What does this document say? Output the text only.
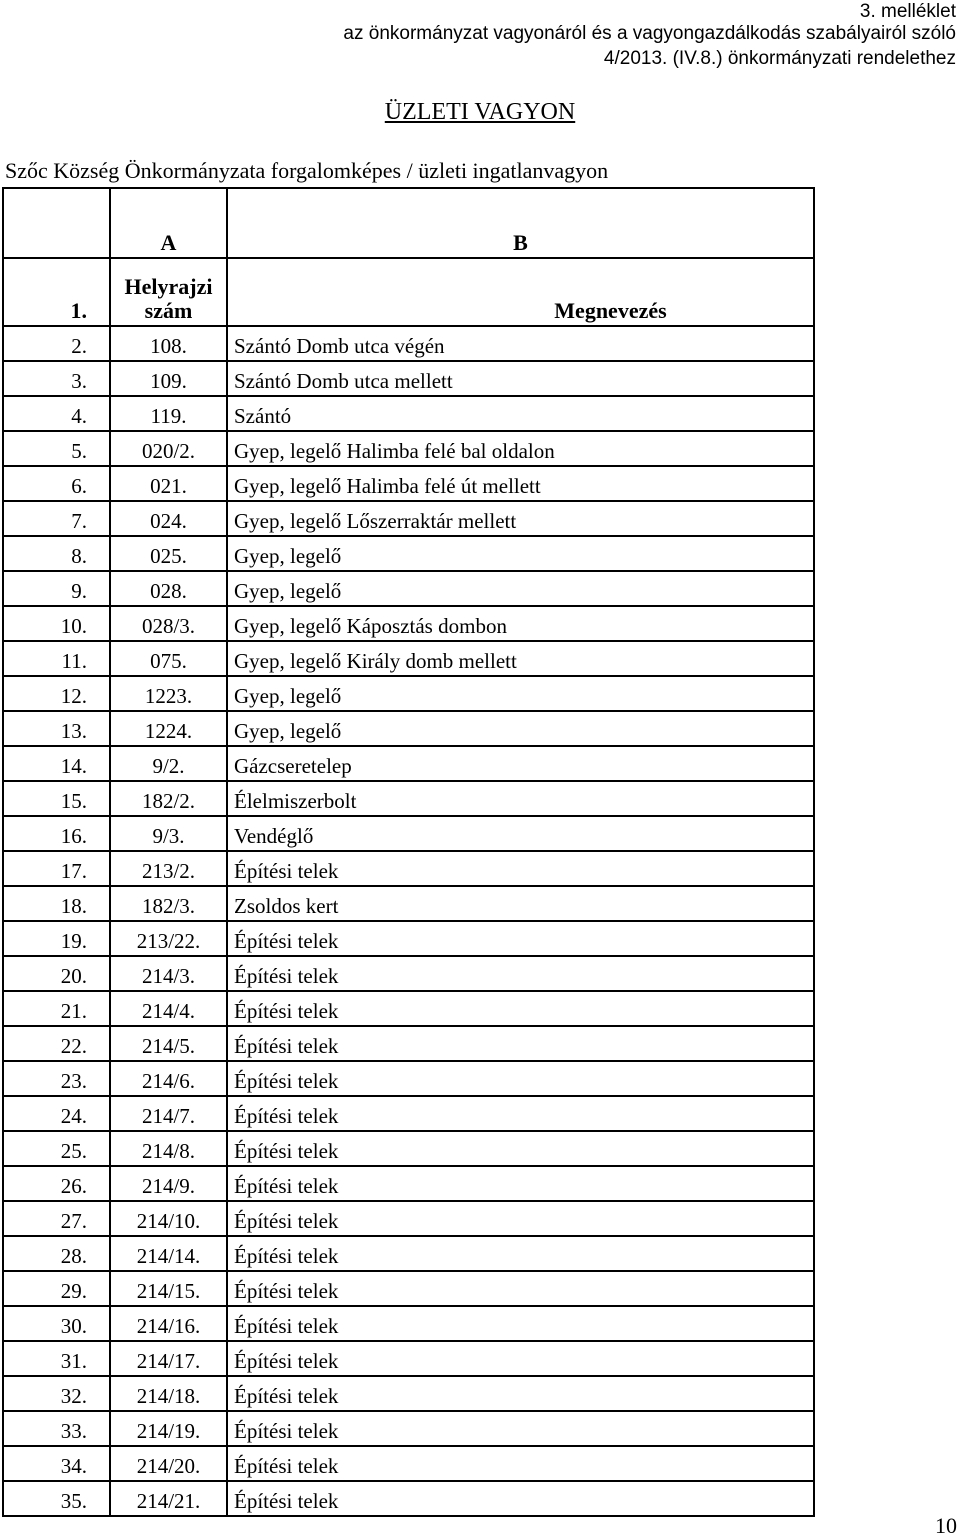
3. melléklet
az önkormányzat vagyonáról és a vagyongazdálkodás szabályairól szóló
4/2013. (IV.8.) önkormányzati rendelethez
ÜZLETI VAGYON
Szőc Község Önkormányzata forgalomképes / üzleti ingatlanvagyon
	A	B
1.	Helyrajzi szám	Megnevezés
2.	108.	Szántó Domb utca végén
3.	109.	Szántó Domb utca mellett
4.	119.	Szántó
5.	020/2.	Gyep, legelő Halimba felé bal oldalon
6.	021.	Gyep, legelő Halimba felé út mellett
7.	024.	Gyep, legelő Lőszerraktár mellett
8.	025.	Gyep, legelő
9.	028.	Gyep, legelő
10.	028/3.	Gyep, legelő Káposztás dombon
11.	075.	Gyep, legelő Király domb mellett
12.	1223.	Gyep, legelő
13.	1224.	Gyep, legelő
14.	9/2.	Gázcseretelep
15.	182/2.	Élelmiszerbolt
16.	9/3.	Vendéglő
17.	213/2.	Építési telek
18.	182/3.	Zsoldos kert
19.	213/22.	Építési telek
20.	214/3.	Építési telek
21.	214/4.	Építési telek
22.	214/5.	Építési telek
23.	214/6.	Építési telek
24.	214/7.	Építési telek
25.	214/8.	Építési telek
26.	214/9.	Építési telek
27.	214/10.	Építési telek
28.	214/14.	Építési telek
29.	214/15.	Építési telek
30.	214/16.	Építési telek
31.	214/17.	Építési telek
32.	214/18.	Építési telek
33.	214/19.	Építési telek
34.	214/20.	Építési telek
35.	214/21.	Építési telek
10
